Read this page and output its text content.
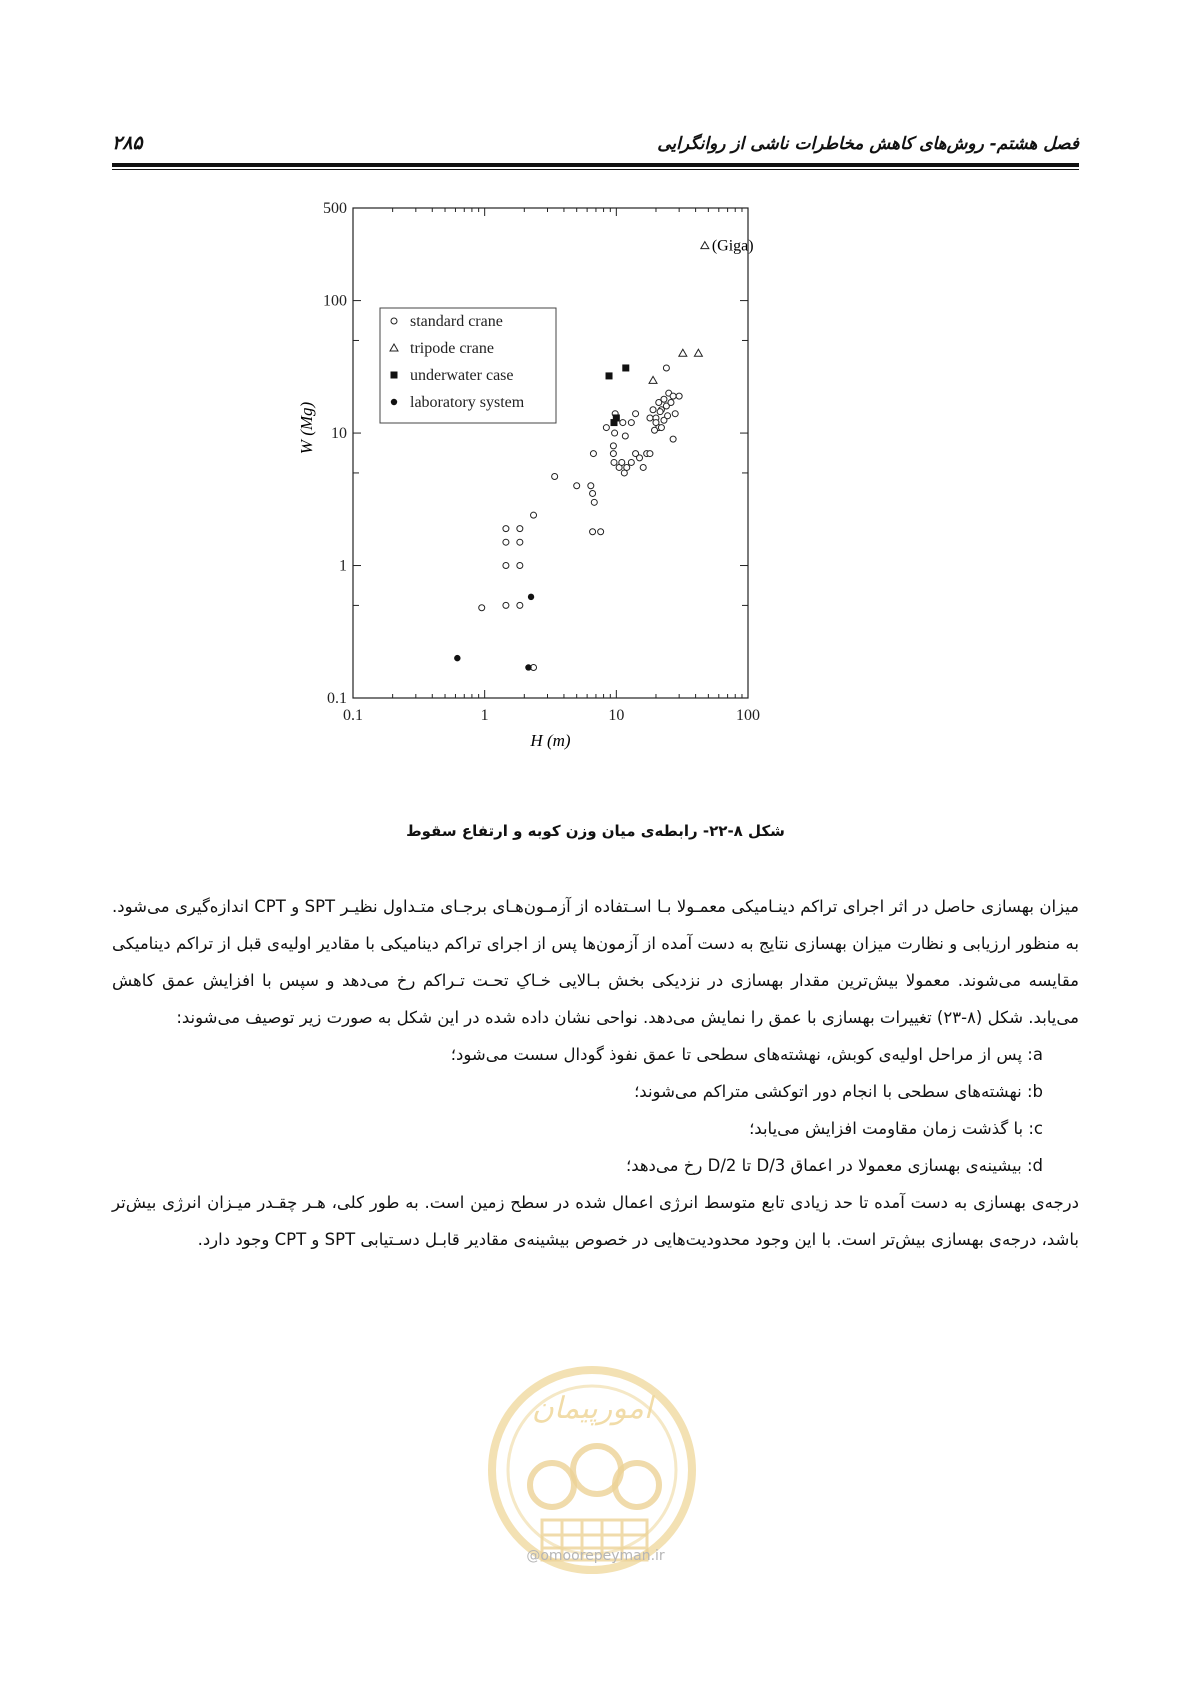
فصل هشتم- روش‌های کاهش مخاطرات ناشی از روانگرایی
۲۸۵
0.1	1	10	100
0.1
1
10
100
500
standard crane
tripode crane
underwater case
laboratory system
H (m)
W (Mg)
(Giga)
شکل ۸-۲۲- رابطه‌ی میان وزن کوبه و ارتفاع سقوط

میزان بهسازی حاصل در اثر اجرای تراکم دینـامیکی معمـولا بـا اسـتفاده از آزمـون‌هـای برجـای متـداول نظیـر SPT و CPT اندازه‌گیری می‌شود. به منظور ارزیابی و نظارت میزان بهسازی نتایج به دست آمده از آزمون‌ها پس از اجرای تراکم دینامیکی با مقادیر اولیه‌ی قبل از تراکم دینامیکی مقایسه می‌شوند. معمولا بیش‌ترین مقدار بهسازی در نزدیکی بخش بـالایی خـاکِ تحـت تـراکم رخ می‌دهد و سپس با افزایش عمق کاهش می‌یابد. شکل (۸-۲۳) تغییرات بهسازی با عمق را نمایش می‌دهد. نواحی نشان داده شده در این شکل به صورت زیر توصیف می‌شوند:

a: پس از مراحل اولیه‌ی کوبش، نهشته‌های سطحی تا عمق نفوذ گودال سست می‌شود؛

b: نهشته‌های سطحی با انجام دور اتوکشی متراکم می‌شوند؛

c: با گذشت زمان مقاومت افزایش می‌یابد؛

d: بیشینه‌ی بهسازی معمولا در اعماق D/3 تا D/2 رخ می‌دهد؛

درجه‌ی بهسازی به دست آمده تا حد زیادی تابع متوسط انرژی اعمال شده در سطح زمین است. به طور کلی، هـر چقـدر میـزان انرژی بیش‌تر باشد، درجه‌ی بهسازی بیش‌تر است. با این وجود محدودیت‌هایی در خصوص بیشینه‌ی مقادیر قابـل دسـتیابی SPT و CPT وجود دارد.

امورپیمان
@omoorepeyman.ir
